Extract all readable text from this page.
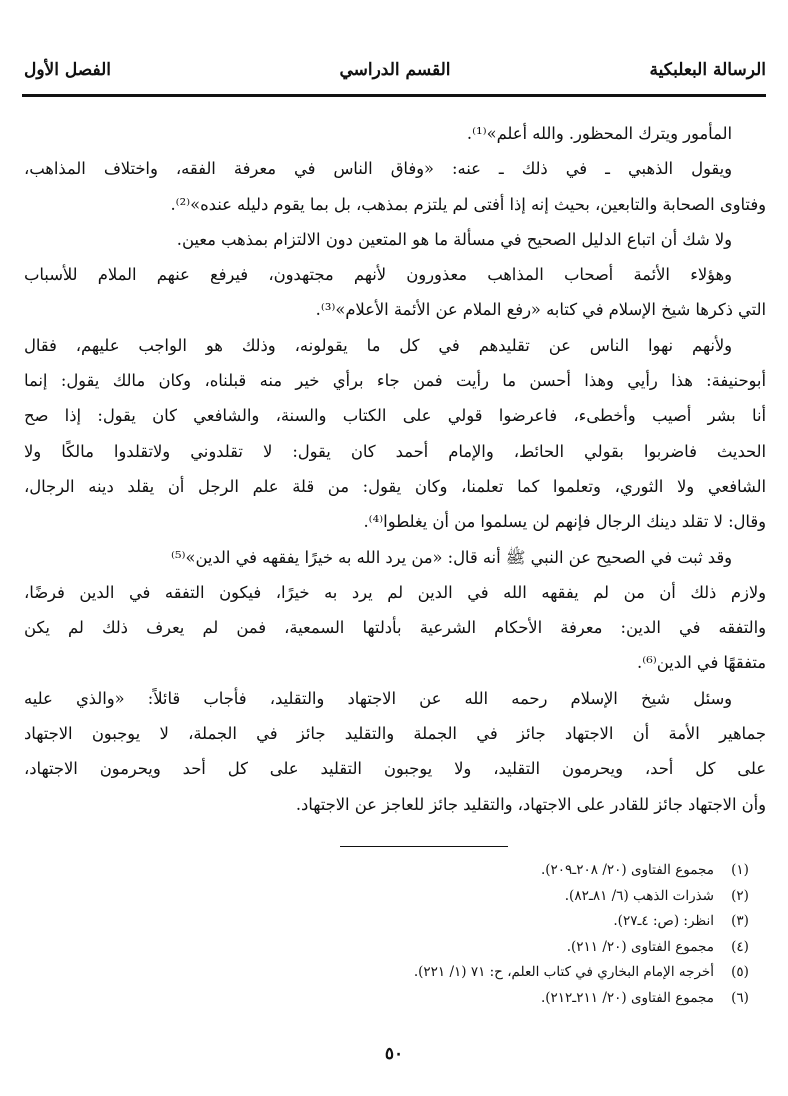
الرسالة البعلبكية
القسم الدراسي
الفصل الأول
المأمور ويترك المحظور. والله أعلم»⁽¹⁾.
ويقول الذهبي ـ في ذلك ـ عنه: «وفاق الناس في معرفة الفقه، واختلاف المذاهب،
وفتاوى الصحابة والتابعين، بحيث إنه إذا أفتى لم يلتزم بمذهب، بل بما يقوم دليله عنده»⁽²⁾.
ولا شك أن اتباع الدليل الصحيح في مسألة ما هو المتعين دون الالتزام بمذهب معين.
وهؤلاء الأئمة أصحاب المذاهب معذورون لأنهم مجتهدون، فيرفع عنهم الملام للأسباب
التي ذكرها شيخ الإسلام في كتابه «رفع الملام عن الأئمة الأعلام»⁽³⁾.
ولأنهم نهوا الناس عن تقليدهم في كل ما يقولونه، وذلك هو الواجب عليهم، فقال
أبوحنيفة: هذا رأيي وهذا أحسن ما رأيت فمن جاء برأي خير منه قبلناه، وكان مالك يقول: إنما
أنا بشر أصيب وأخطىء، فاعرضوا قولي على الكتاب والسنة، والشافعي كان يقول: إذا صح
الحديث فاضربوا بقولي الحائط، والإمام أحمد كان يقول: لا تقلدوني ولاتقلدوا مالكًا ولا
الشافعي ولا الثوري، وتعلموا كما تعلمنا، وكان يقول: من قلة علم الرجل أن يقلد دينه الرجال،
وقال: لا تقلد دينك الرجال فإنهم لن يسلموا من أن يغلطوا⁽⁴⁾.
وقد ثبت في الصحيح عن النبي ﷺ أنه قال: «من يرد الله به خيرًا يفقهه في الدين»⁽⁵⁾
ولازم ذلك أن من لم يفقهه الله في الدين لم يرد به خيرًا، فيكون التفقه في الدين فرضًا،
والتفقه في الدين: معرفة الأحكام الشرعية بأدلتها السمعية، فمن لم يعرف ذلك لم يكن
متفقهًا في الدين⁽⁶⁾.
وسئل شيخ الإسلام رحمه الله عن الاجتهاد والتقليد، فأجاب قائلاً: «والذي عليه
جماهير الأمة أن الاجتهاد جائز في الجملة والتقليد جائز في الجملة، لا يوجبون الاجتهاد
على كل أحد، ويحرمون التقليد، ولا يوجبون التقليد على كل أحد ويحرمون الاجتهاد،
وأن الاجتهاد جائز للقادر على الاجتهاد، والتقليد جائز للعاجز عن الاجتهاد.
(١)مجموع الفتاوى (٢٠/ ٢٠٨ـ٢٠٩).
(٢)شذرات الذهب (٦/ ٨١ـ٨٢).
(٣)انظر: (ص: ٤ـ٢٧).
(٤)مجموع الفتاوى (٢٠/ ٢١١).
(٥)أخرجه الإمام البخاري في كتاب العلم، ح: ٧١ (١/ ٢٢١).
(٦)مجموع الفتاوى (٢٠/ ٢١١ـ٢١٢).
٥٠
